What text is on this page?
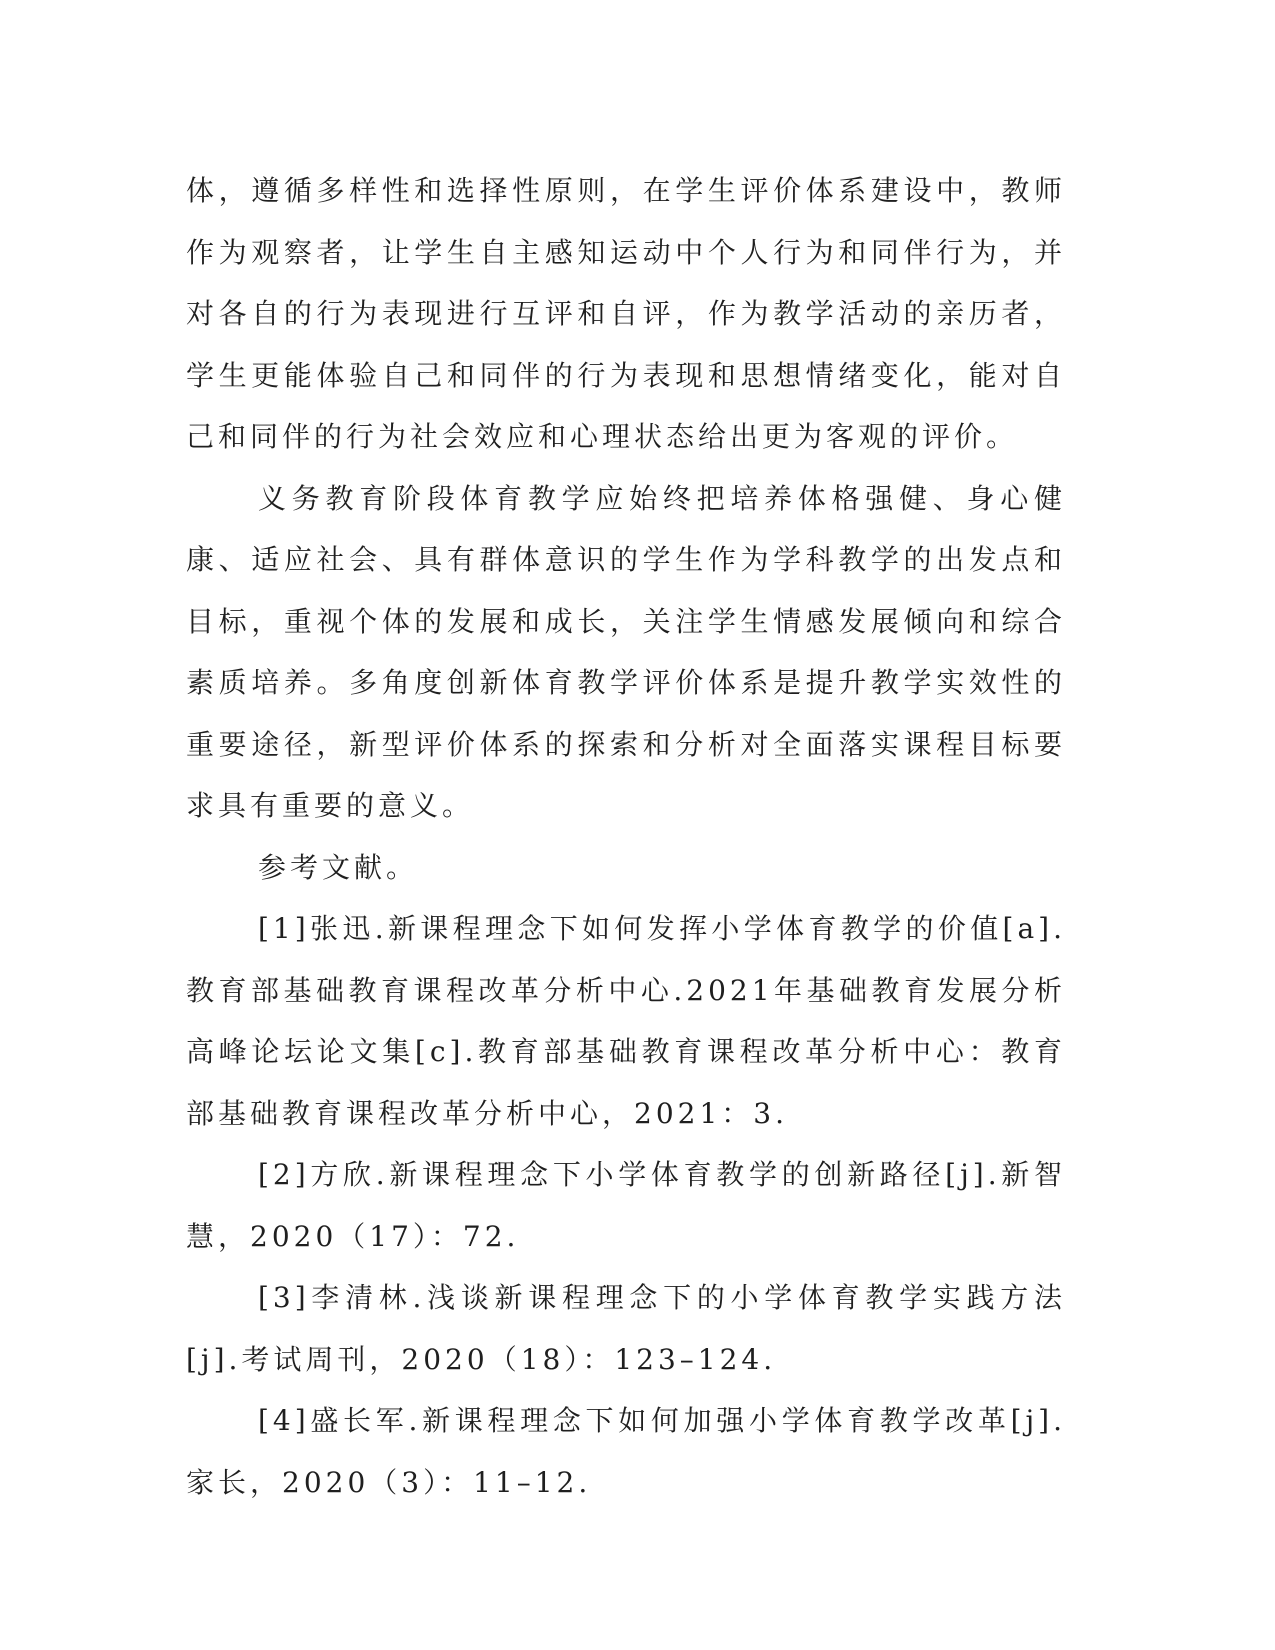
体，遵循多样性和选择性原则，在学生评价体系建设中，教师作为观察者，让学生自主感知运动中个人行为和同伴行为，并对各自的行为表现进行互评和自评，作为教学活动的亲历者，学生更能体验自己和同伴的行为表现和思想情绪变化，能对自己和同伴的行为社会效应和心理状态给出更为客观的评价。

义务教育阶段体育教学应始终把培养体格强健、身心健康、适应社会、具有群体意识的学生作为学科教学的出发点和目标，重视个体的发展和成长，关注学生情感发展倾向和综合素质培养。多角度创新体育教学评价体系是提升教学实效性的重要途径，新型评价体系的探索和分析对全面落实课程目标要求具有重要的意义。

参考文献。

[1]张迅.新课程理念下如何发挥小学体育教学的价值[a].教育部基础教育课程改革分析中心.2021年基础教育发展分析高峰论坛论文集[c].教育部基础教育课程改革分析中心：教育部基础教育课程改革分析中心，2021：3.

[2]方欣.新课程理念下小学体育教学的创新路径[j].新智慧，2020（17）：72.

[3]李清林.浅谈新课程理念下的小学体育教学实践方法[j].考试周刊，2020（18）：123–124.

[4]盛长军.新课程理念下如何加强小学体育教学改革[j].家长，2020（3）：11–12.
